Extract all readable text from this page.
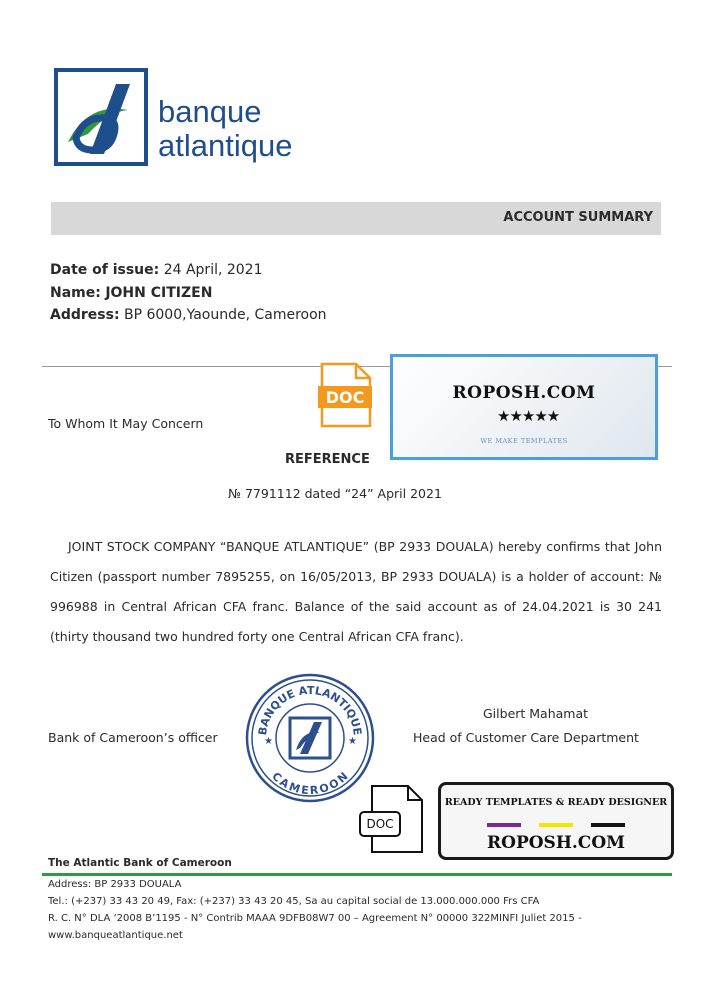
banque
atlantique
ACCOUNT SUMMARY
Date of issue: 24 April, 2021
Name: JOHN CITIZEN
Address: BP 6000,Yaounde, Cameroon
DOC	ROPOSH.COM
★★★★★
WE MAKE TEMPLATES
To Whom It May Concern
REFERENCE
№ 7791112 dated “24” April 2021
JOINT STOCK COMPANY “BANQUE ATLANTIQUE” (BP 2933 DOUALA) hereby confirms that John Citizen (passport number 7895255, on 16/05/2013, BP 2933 DOUALA) is a holder of account: № 996988 in Central African CFA franc. Balance of the said account as of 24.04.2021 is 30 241 (thirty thousand two hundred forty one Central African CFA franc).
Bank of Cameroon’s officer
Gilbert Mahamat
Head of Customer Care Department
BANQUE ATLANTIQUE
CAMEROON
★	★
DOC
READY TEMPLATES & READY DESIGNER
ROPOSH.COM
The Atlantic Bank of Cameroon
Address: BP 2933 DOUALA
Tel.: (+237) 33 43 20 49, Fax: (+237) 33 43 20 45, Sa au capital social de 13.000.000.000 Frs CFA
R. C. N° DLA ‘2008 B’1195 - N° Contrib MAAA 9DFB08W7 00 – Agreement N° 00000 322MINFI Juliet 2015 -
www.banqueatlantique.net
